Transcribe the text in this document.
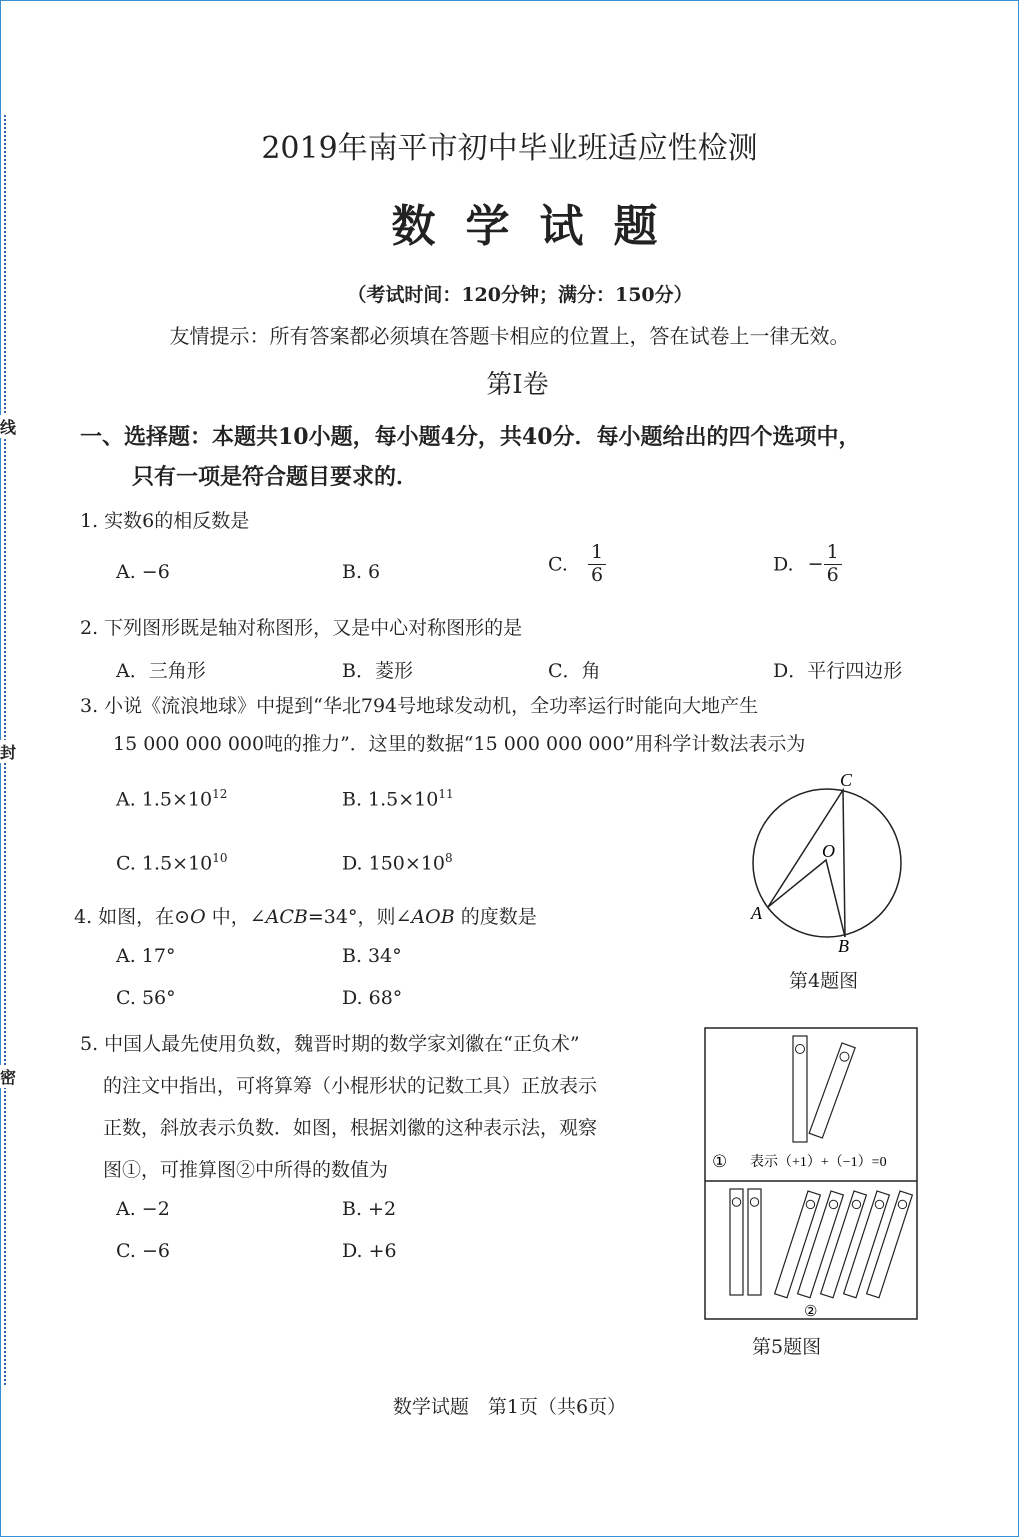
线
封
密
2019年南平市初中毕业班适应性检测
数学试题
（考试时间：120分钟；满分：150分）
友情提示：所有答案都必须填在答题卡相应的位置上，答在试卷上一律无效。
第Ⅰ卷
一、选择题：本题共10小题，每小题4分，共40分．每小题给出的四个选项中，
只有一项是符合题目要求的．
1. 实数6的相反数是
A. −6	B. 6	C. $\frac{1}{6}$	D. − $\frac{1}{6}$
2. 下列图形既是轴对称图形，又是中心对称图形的是
A．三角形	B．菱形	C．角	D．平行四边形
3. 小说《流浪地球》中提到“华北794号地球发动机，全功率运行时能向大地产生
15 000 000 000吨的推力”．这里的数据“15 000 000 000”用科学计数法表示为
A. $1.5\times 10^{12}$	B. $1.5\times 10^{11}$
C. $1.5\times 10^{10}$	D. $150\times 10^8$
C
O
A
B
第4题图
4. 如图，在⊙O 中，∠ACB=34°，则∠AOB 的度数是
A. 17°	B. 34°
C. 56°	D. 68°
5. 中国人最先使用负数，魏晋时期的数学家刘徽在“正负术”
的注文中指出，可将算筹（小棍形状的记数工具）正放表示
正数，斜放表示负数．如图，根据刘徽的这种表示法，观察
图①，可推算图②中所得的数值为
A. −2	B. +2
C. −6	D. +6
① 表示（+1）+（−1）=0
②
第5题图
数学试题　第1页（共6页）
